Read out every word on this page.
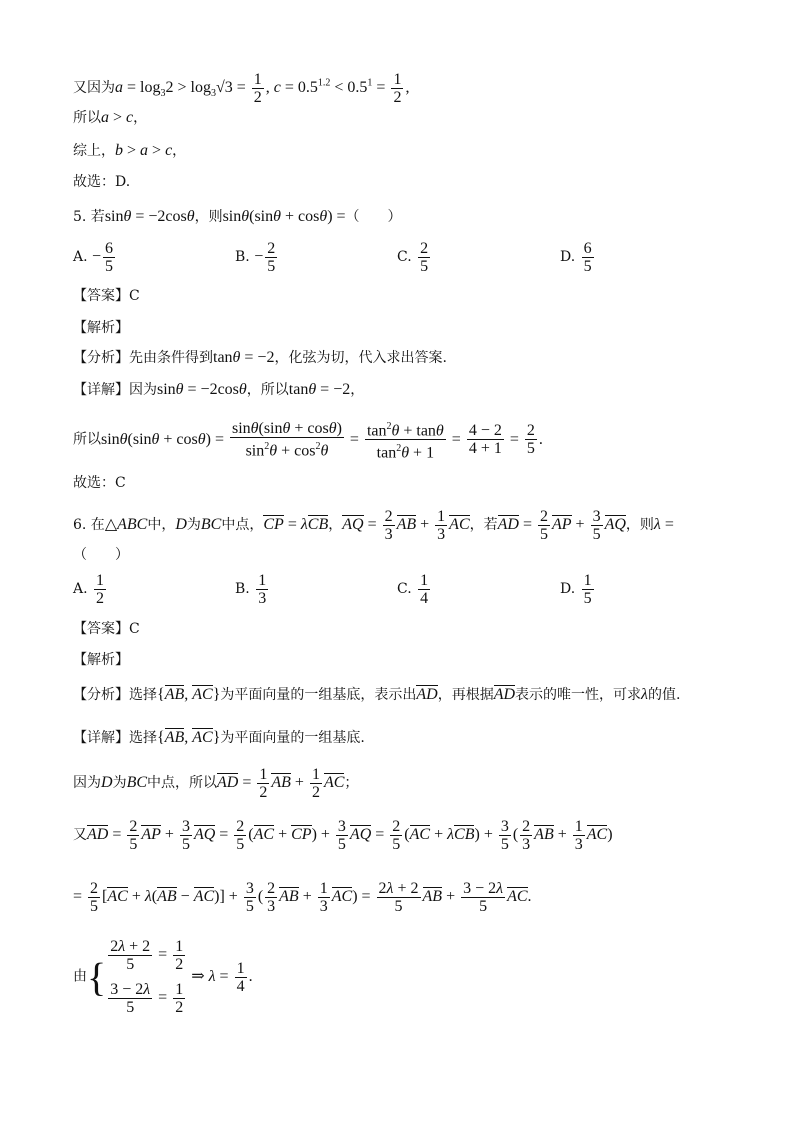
又因为$a = \log_32 > \log_3√3 = \frac{1}{2}$ , $c = 0.5^{1.2} < 0.5^1 = \frac{1}{2}$ ,
所以a > c，
综上，b > a > c，
故选：D.
5. 若sinθ = −2cosθ，则sinθ(sinθ + cosθ) =（　　）
A. − $\frac{6}{5}$	B. − $\frac{2}{5}$	C. $\frac{2}{5}$	D. $\frac{6}{5}$
【答案】C
【解析】
【分析】先由条件得到tanθ = −2，化弦为切，代入求出答案.
【详解】因为sinθ = −2cosθ，所以tanθ = −2，
所以$\sin\theta(\sin\theta + \cos\theta) = \frac{\sin\theta(\sin\theta + \cos\theta)}{\sin^2\theta + \cos^2\theta} = \frac{\tan^2\theta + \tan\theta}{\tan^2\theta + 1} = \frac{4 - 2}{4 + 1} = \frac{2}{5}$ .
故选：C
6. 在△ABC中，D为BC中点，CP = λCB，AQ = $\frac{2}{3}$ AB + $\frac{1}{3}$ AC，若AD = $\frac{2}{5}$ AP + $\frac{3}{5}$ AQ，则λ =
（　　）
A. $\frac{1}{2}$	B. $\frac{1}{3}$	C. $\frac{1}{4}$	D. $\frac{1}{5}$
【答案】C
【解析】
【分析】选择{AB, AC}为平面向量的一组基底，表示出AD，再根据AD表示的唯一性，可求λ的值.
【详解】选择{AB, AC}为平面向量的一组基底.
因为D为BC中点，所以AD = $\frac{1}{2}$ AB + $\frac{1}{2}$ AC；
又AD = $\frac{2}{5}$ AP + $\frac{3}{5}$ AQ = $\frac{2}{5} (AC + CP) + \frac{3}{5}$ AQ = $\frac{2}{5} (AC + \lambda CB) + \frac{3}{5}$ ( $\frac{2}{3}$ AB + $\frac{1}{3} AC$)
= $\frac{2}{5} [AC + \lambda(AB - AC)] + \frac{3}{5}$ ( $\frac{2}{3}$ AB + $\frac{1}{3} AC) = \frac{2\lambda + 2}{5}$ AB + $\frac{3 - 2\lambda}{5}$ AC.
由{ $\frac{2\lambda + 2}{5} = \frac{1}{2}$
$\frac{3 - 2\lambda}{5} = \frac{1}{2}$
⇒ $\lambda = \frac{1}{4}$ .
